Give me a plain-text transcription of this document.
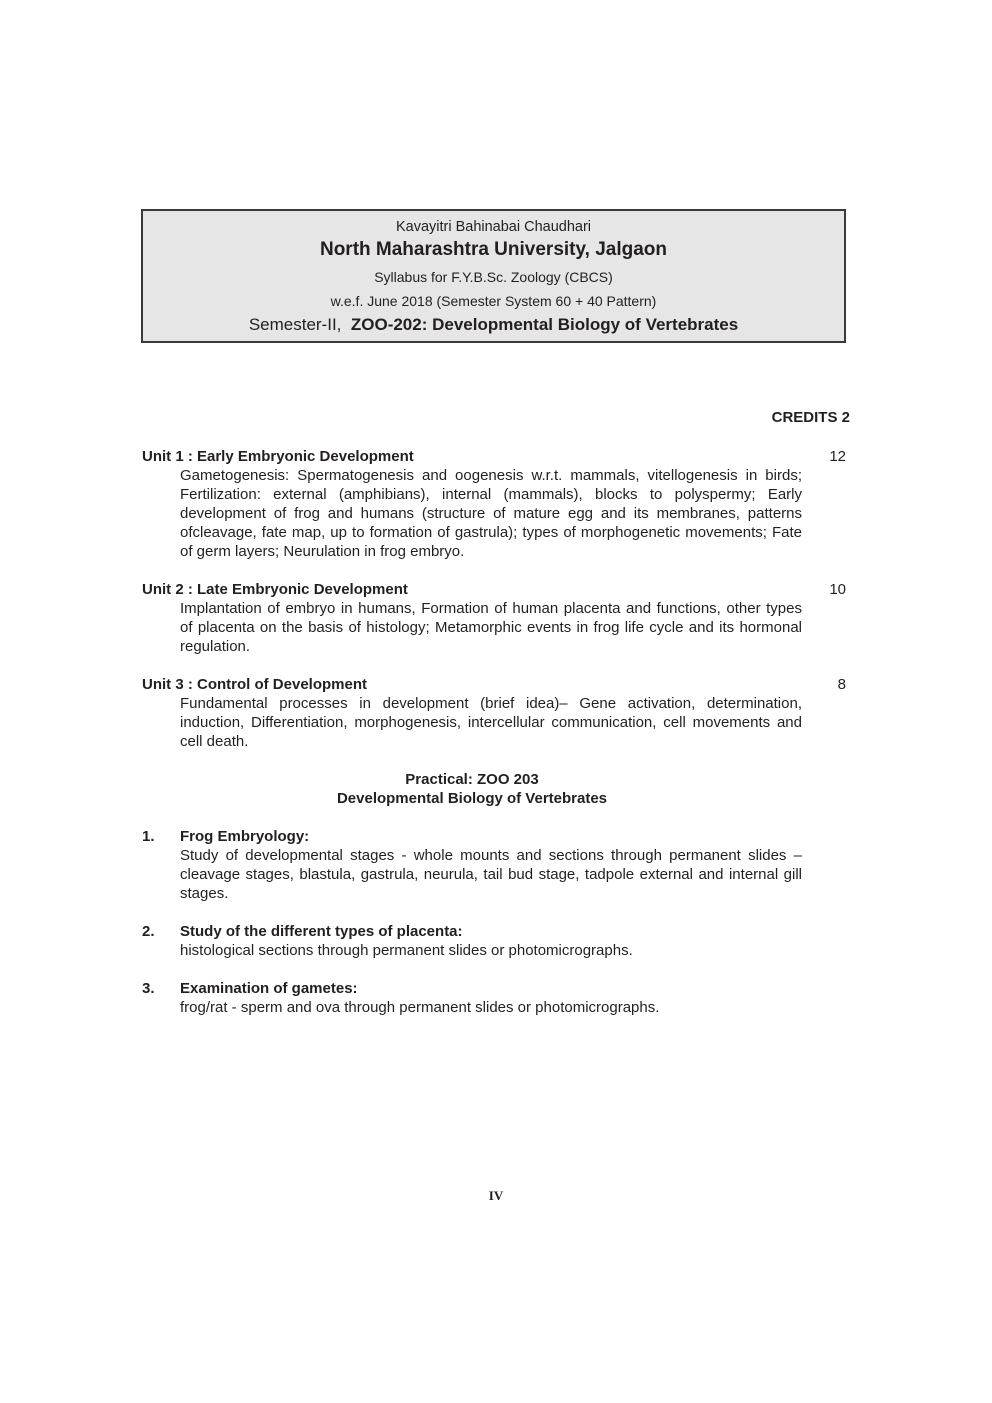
Kavayitri Bahinabai Chaudhari
North Maharashtra University, Jalgaon
Syllabus for F.Y.B.Sc. Zoology (CBCS)
w.e.f. June 2018 (Semester System 60 + 40 Pattern)
Semester-II, ZOO-202: Developmental Biology of Vertebrates
CREDITS 2
Unit 1 : Early Embryonic Development	12
Gametogenesis: Spermatogenesis and oogenesis w.r.t. mammals, vitellogenesis in birds; Fertilization: external (amphibians), internal (mammals), blocks to polyspermy; Early development of frog and humans (structure of mature egg and its membranes, patterns ofcleavage, fate map, up to formation of gastrula); types of morphogenetic movements; Fate of germ layers; Neurulation in frog embryo.
Unit 2 : Late Embryonic Development	10
Implantation of embryo in humans, Formation of human placenta and functions, other types of placenta on the basis of histology; Metamorphic events in frog life cycle and its hormonal regulation.
Unit 3 : Control of Development	8
Fundamental processes in development (brief idea)– Gene activation, determination, induction, Differentiation, morphogenesis, intercellular communication, cell movements and cell death.
Practical: ZOO 203
Developmental Biology of Vertebrates
1. Frog Embryology:
Study of developmental stages - whole mounts and sections through permanent slides – cleavage stages, blastula, gastrula, neurula, tail bud stage, tadpole external and internal gill stages.
2. Study of the different types of placenta:
histological sections through permanent slides or photomicrographs.
3. Examination of gametes:
frog/rat - sperm and ova through permanent slides or photomicrographs.
IV
